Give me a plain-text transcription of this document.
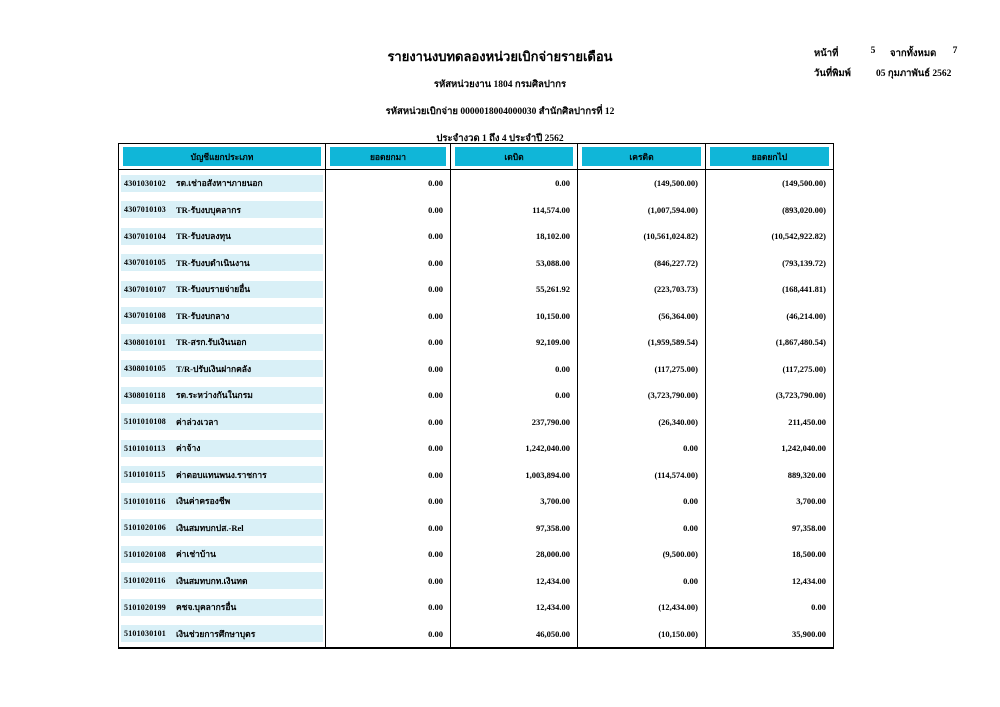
หน้าที่	5	จากทั้งหมด	7
วันที่พิมพ์	05 กุมภาพันธ์ 2562
รายงานงบทดลองหน่วยเบิกจ่ายรายเดือน
รหัสหน่วยงาน 1804 กรมศิลปากร
รหัสหน่วยเบิกจ่าย 0000018004000030 สำนักศิลปากรที่ 12
ประจำงวด 1 ถึง 4 ประจำปี 2562
บัญชีแยกประเภท	ยอดยกมา	เดบิต	เครดิต	ยอดยกไป
4301030102	รด.เช่าอสังหาฯภายนอก	0.00	0.00	(149,500.00)	(149,500.00)
4307010103	TR-รับงบบุคลากร	0.00	114,574.00	(1,007,594.00)	(893,020.00)
4307010104	TR-รับงบลงทุน	0.00	18,102.00	(10,561,024.82)	(10,542,922.82)
4307010105	TR-รับงบดำเนินงาน	0.00	53,088.00	(846,227.72)	(793,139.72)
4307010107	TR-รับงบรายจ่ายอื่น	0.00	55,261.92	(223,703.73)	(168,441.81)
4307010108	TR-รับงบกลาง	0.00	10,150.00	(56,364.00)	(46,214.00)
4308010101	TR-สรก.รับเงินนอก	0.00	92,109.00	(1,959,589.54)	(1,867,480.54)
4308010105	T/R-ปรับเงินฝากคลัง	0.00	0.00	(117,275.00)	(117,275.00)
4308010118	รด.ระหว่างกันในกรม	0.00	0.00	(3,723,790.00)	(3,723,790.00)
5101010108	ค่าล่วงเวลา	0.00	237,790.00	(26,340.00)	211,450.00
5101010113	ค่าจ้าง	0.00	1,242,040.00	0.00	1,242,040.00
5101010115	ค่าตอบแทนพนง.ราชการ	0.00	1,003,894.00	(114,574.00)	889,320.00
5101010116	เงินค่าครองชีพ	0.00	3,700.00	0.00	3,700.00
5101020106	เงินสมทบกปส.-Rel	0.00	97,358.00	0.00	97,358.00
5101020108	ค่าเช่าบ้าน	0.00	28,000.00	(9,500.00)	18,500.00
5101020116	เงินสมทบกท.เงินทด	0.00	12,434.00	0.00	12,434.00
5101020199	คชจ.บุคลากรอื่น	0.00	12,434.00	(12,434.00)	0.00
5101030101	เงินช่วยการศึกษาบุตร	0.00	46,050.00	(10,150.00)	35,900.00
